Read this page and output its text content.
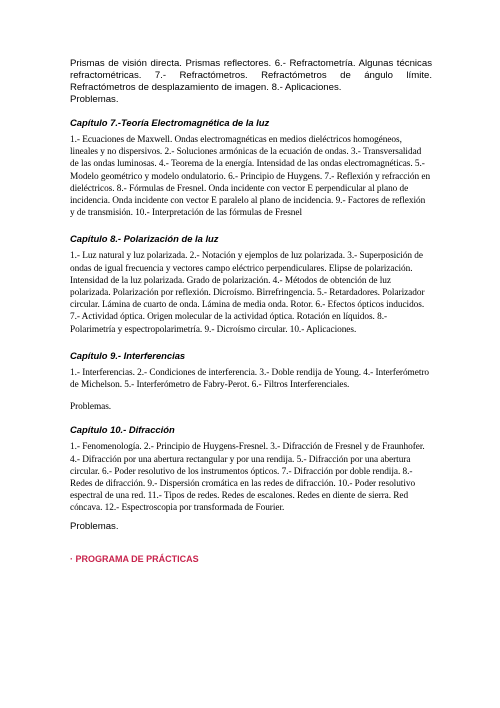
Prismas de visión directa. Prismas reflectores. 6.- Refractometría. Algunas técnicas refractométricas. 7.- Refractómetros. Refractómetros de ángulo límite. Refractómetros de desplazamiento de imagen. 8.- Aplicaciones.

Problemas.

Capítulo 7.-Teoría Electromagnética de la luz

1.- Ecuaciones de Maxwell. Ondas electromagnéticas en medios dieléctricos homogéneos, lineales y no dispersivos. 2.- Soluciones armónicas de la ecuación de ondas. 3.- Transversalidad de las ondas luminosas. 4.- Teorema de la energía. Intensidad de las ondas electromagnéticas. 5.- Modelo geométrico y modelo ondulatorio. 6.- Principio de Huygens. 7.- Reflexión y refracción en dieléctricos. 8.- Fórmulas de Fresnel. Onda incidente con vector E perpendicular al plano de incidencia. Onda incidente con vector E paralelo al plano de incidencia. 9.- Factores de reflexión y de transmisión. 10.- Interpretación de las fórmulas de Fresnel

Capítulo 8.- Polarización de la luz

1.- Luz natural y luz polarizada. 2.- Notación y ejemplos de luz polarizada. 3.- Superposición de ondas de igual frecuencia y vectores campo eléctrico perpendiculares. Elipse de polarización. Intensidad de la luz polarizada. Grado de polarización. 4.- Métodos de obtención de luz polarizada. Polarización por reflexión. Dicroísmo. Birrefringencia. 5.- Retardadores. Polarizador circular. Lámina de cuarto de onda. Lámina de media onda. Rotor. 6.- Efectos ópticos inducidos. 7.- Actividad óptica. Origen molecular de la actividad óptica. Rotación en líquidos. 8.- Polarimetría y espectropolarimetría. 9.- Dicroísmo circular. 10.- Aplicaciones.

Capítulo 9.- Interferencias

1.- Interferencias. 2.- Condiciones de interferencia. 3.- Doble rendija de Young. 4.- Interferómetro de Michelson. 5.- Interferómetro de Fabry-Perot. 6.- Filtros Interferenciales.

Problemas.

Capítulo 10.- Difracción

1.- Fenomenología. 2.- Principio de Huygens-Fresnel. 3.- Difracción de Fresnel y de Fraunhofer. 4.- Difracción por una abertura rectangular y por una rendija. 5.- Difracción por una abertura circular. 6.- Poder resolutivo de los instrumentos ópticos. 7.- Difracción por doble rendija. 8.- Redes de difracción. 9.- Dispersión cromática en las redes de difracción. 10.- Poder resolutivo espectral de una red. 11.- Tipos de redes. Redes de escalones. Redes en diente de sierra. Red cóncava. 12.- Espectroscopia por transformada de Fourier.

Problemas.

· PROGRAMA DE PRÁCTICAS
